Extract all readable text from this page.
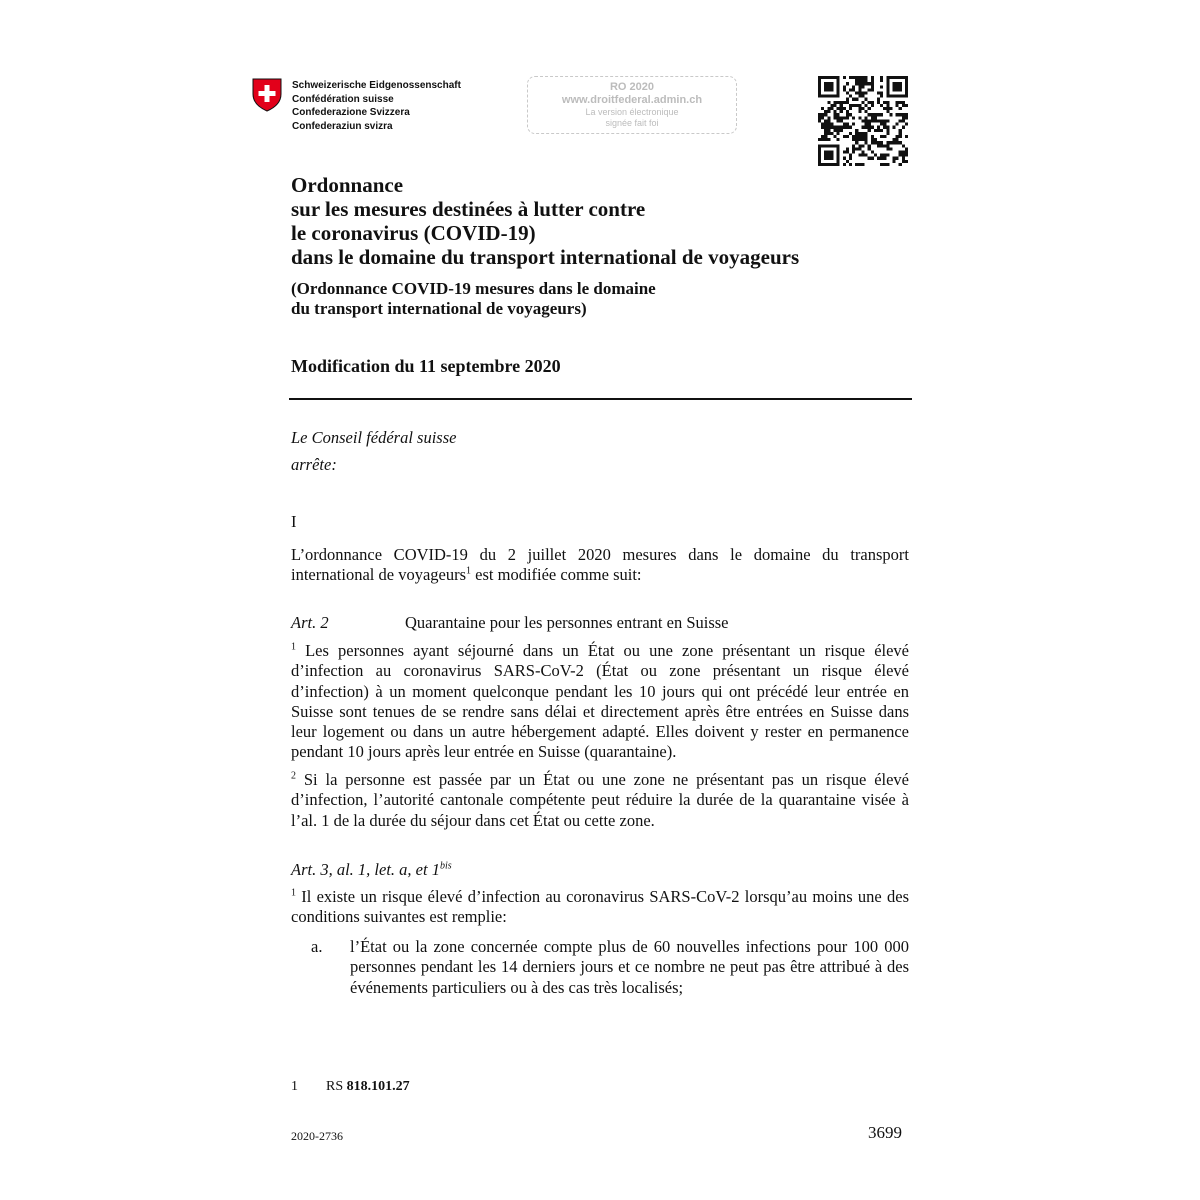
Schweizerische Eidgenossenschaft
Confédération suisse
Confederazione Svizzera
Confederaziun svizra
RO 2020
www.droitfederal.admin.ch
La version électronique
signée fait foi
Ordonnance
sur les mesures destinées à lutter contre
le coronavirus (COVID-19)
dans le domaine du transport international de voyageurs
(Ordonnance COVID-19 mesures dans le domaine
du transport international de voyageurs)
Modification du 11 septembre 2020
Le Conseil fédéral suisse
arrête:
I
L’ordonnance COVID-19 du 2 juillet 2020 mesures dans le domaine du transport international de voyageurs$^1$ est modifiée comme suit:
Art. 2	Quarantaine pour les personnes entrant en Suisse
$^1$ Les personnes ayant séjourné dans un État ou une zone présentant un risque élevé d’infection au coronavirus SARS-CoV-2 (État ou zone présentant un risque élevé d’infection) à un moment quelconque pendant les 10 jours qui ont précédé leur entrée en Suisse sont tenues de se rendre sans délai et directement après être entrées en Suisse dans leur logement ou dans un autre hébergement adapté. Elles doivent y rester en permanence pendant 10 jours après leur entrée en Suisse (quarantaine).
$^2$ Si la personne est passée par un État ou une zone ne présentant pas un risque élevé d’infection, l’autorité cantonale compétente peut réduire la durée de la quarantaine visée à l’al. 1 de la durée du séjour dans cet État ou cette zone.
Art. 3, al. 1, let. a, et $1^{bis}$
$^1$ Il existe un risque élevé d’infection au coronavirus SARS-CoV-2 lorsqu’au moins une des conditions suivantes est remplie:
a. l’État ou la zone concernée compte plus de 60 nouvelles infections pour 100 000 personnes pendant les 14 derniers jours et ce nombre ne peut pas être attribué à des événements particuliers ou à des cas très localisés;
1 RS 818.101.27
2020-2736	3699
